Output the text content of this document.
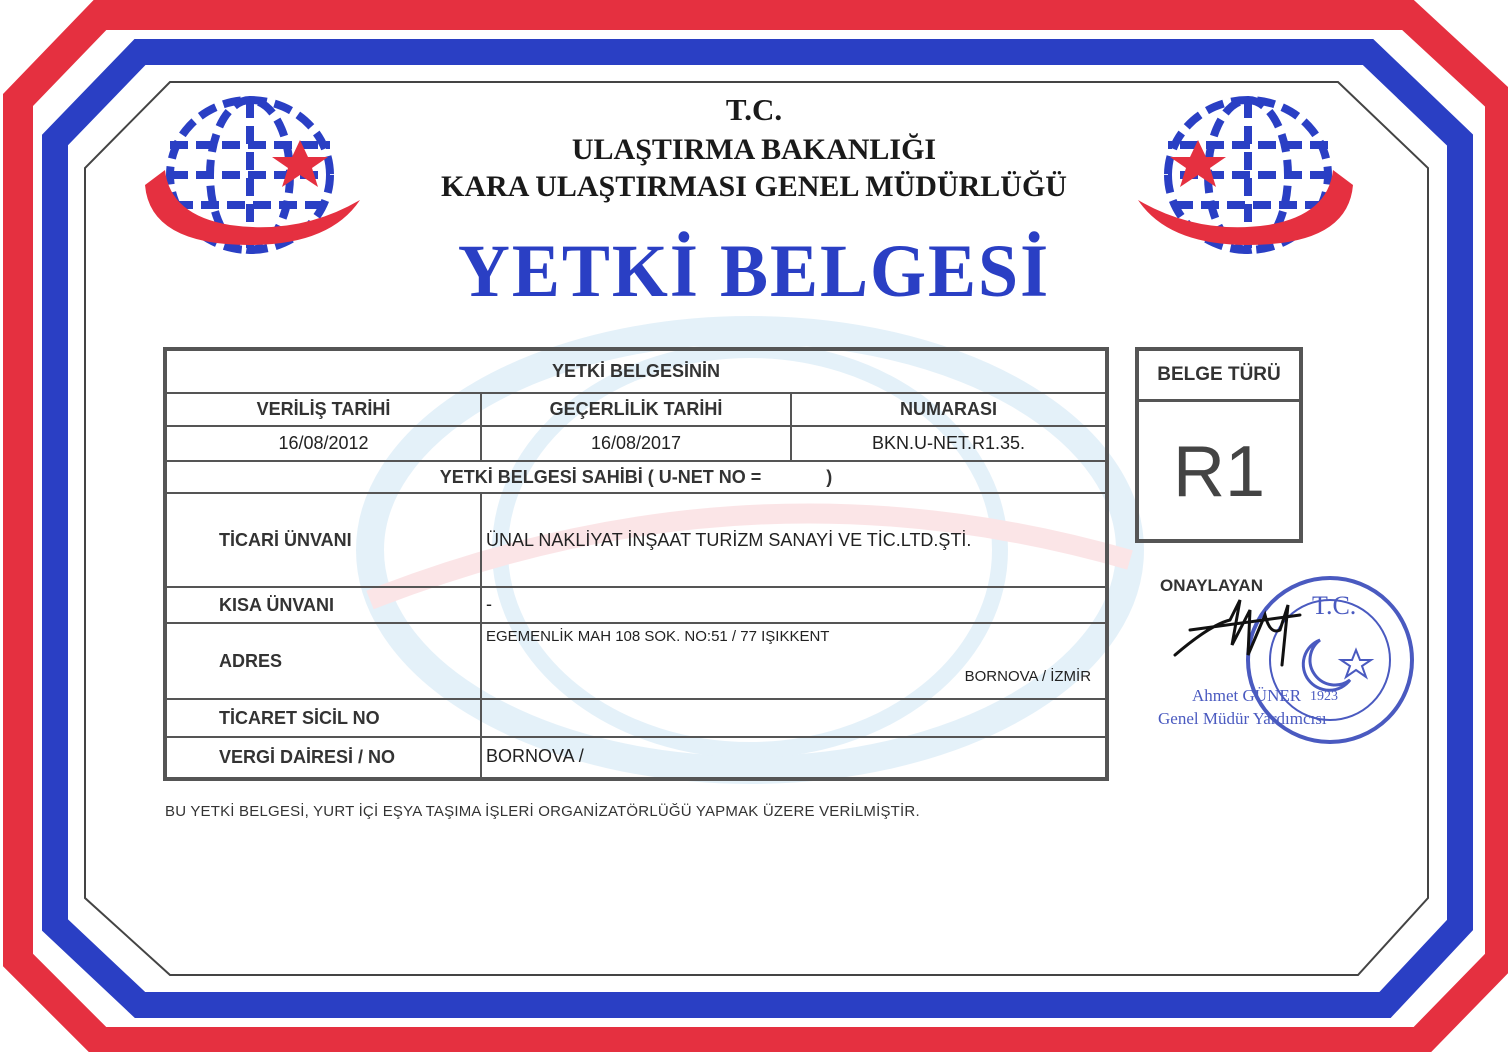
T.C.
ULAŞTIRMA BAKANLIĞI
KARA ULAŞTIRMASI GENEL MÜDÜRLÜĞÜ
YETKİ BELGESİ
YETKİ BELGESİNİN		
VERİLİŞ TARİHİ	GEÇERLİLİK TARİHİ	NUMARASI
16/08/2012	16/08/2017	BKN.U-NET.R1.35.
YETKİ BELGESİ SAHİBİ ( U-NET NO =             )		
TİCARİ ÜNVANI	ÜNAL NAKLİYAT İNŞAAT TURİZM SANAYİ VE TİC.LTD.ŞTİ.	
KISA ÜNVANI	-	
ADRES	EGEMENLİK MAH 108 SOK. NO:51 / 77 IŞIKKENT
BORNOVA / İZMİR	

TİCARET SİCİL NO		
VERGİ DAİRESİ / NO	BORNOVA /	
BELGE TÜRÜ
R1
T.C.
1923
ONAYLAYAN
Ahmet GÜNER
Genel Müdür Yardımcısı
BU YETKİ BELGESİ, YURT İÇİ EŞYA TAŞIMA İŞLERİ ORGANİZATÖRLÜĞÜ YAPMAK ÜZERE VERİLMİŞTİR.
